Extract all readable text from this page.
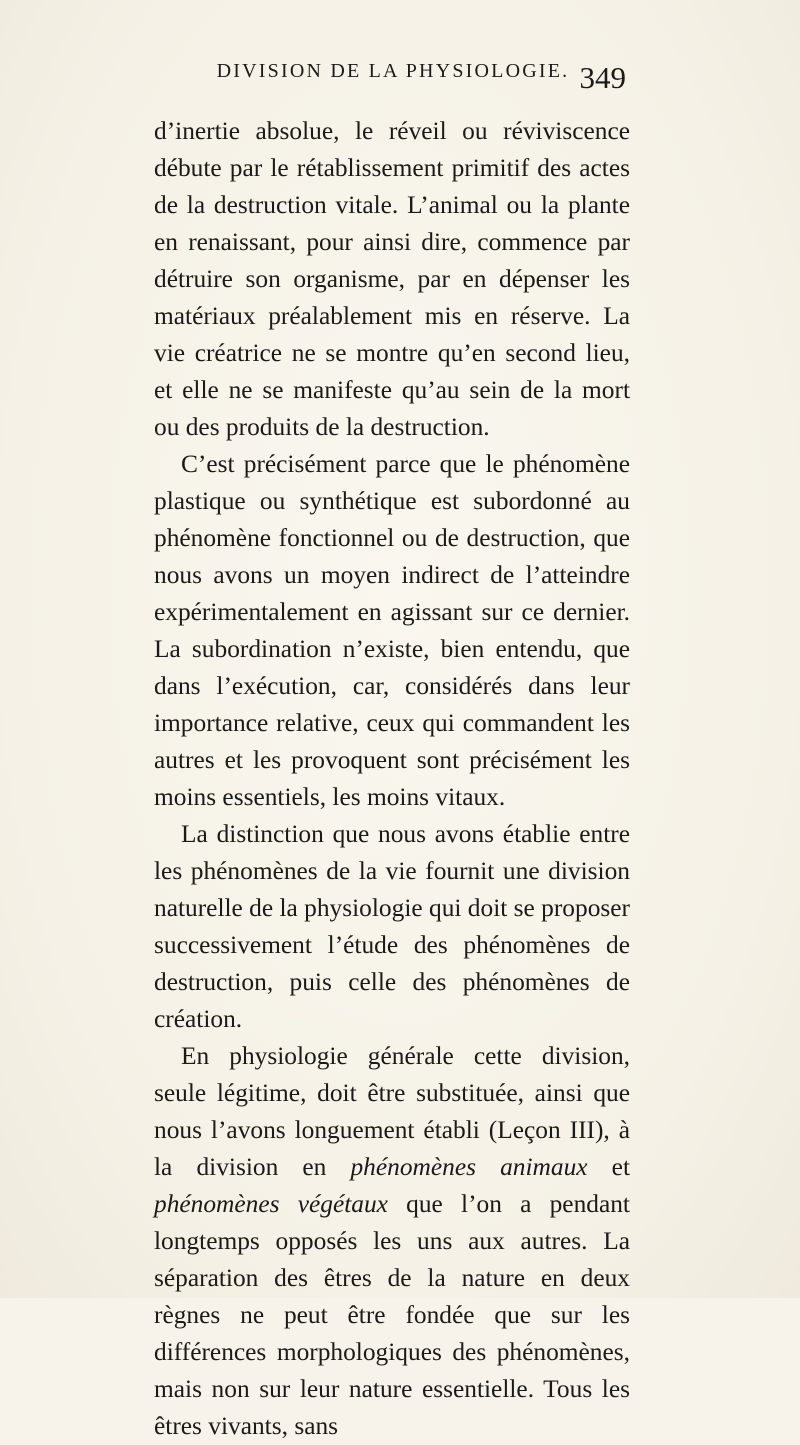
DIVISION DE LA PHYSIOLOGIE. 349

d’inertie absolue, le réveil ou réviviscence débute par le rétablissement primitif des actes de la destruction vitale. L’animal ou la plante en renaissant, pour ainsi dire, commence par détruire son organisme, par en dépenser les matériaux préalablement mis en réserve. La vie créatrice ne se montre qu’en second lieu, et elle ne se manifeste qu’au sein de la mort ou des produits de la destruction.

C’est précisément parce que le phénomène plastique ou synthétique est subordonné au phénomène fonctionnel ou de destruction, que nous avons un moyen indirect de l’atteindre expérimentalement en agissant sur ce dernier. La subordination n’existe, bien entendu, que dans l’exécution, car, considérés dans leur importance relative, ceux qui commandent les autres et les provoquent sont précisément les moins essentiels, les moins vitaux.

La distinction que nous avons établie entre les phénomènes de la vie fournit une division naturelle de la physiologie qui doit se proposer successivement l’étude des phénomènes de destruction, puis celle des phénomènes de création.

En physiologie générale cette division, seule légitime, doit être substituée, ainsi que nous l’avons longuement établi (Leçon III), à la division en phénomènes animaux et phénomènes végétaux que l’on a pendant longtemps opposés les uns aux autres. La séparation des êtres de la nature en deux règnes ne peut être fondée que sur les différences morphologiques des phénomènes, mais non sur leur nature essentielle. Tous les êtres vivants, sans
